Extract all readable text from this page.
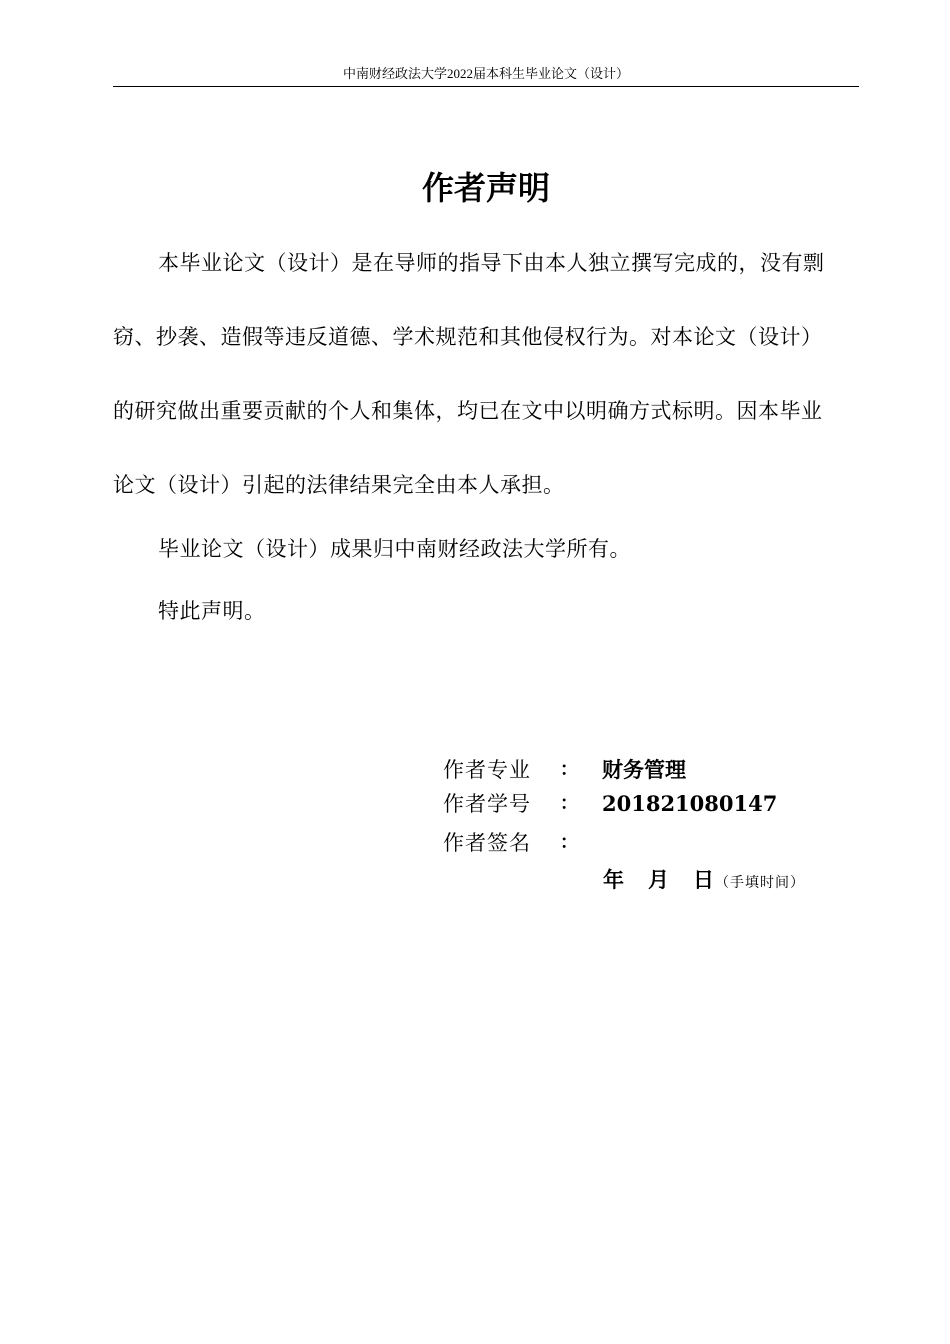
中南财经政法大学2022届本科生毕业论文（设计）
作者声明
本毕业论文（设计）是在导师的指导下由本人独立撰写完成的，没有剽
窃、抄袭、造假等违反道德、学术规范和其他侵权行为。对本论文（设计）
的研究做出重要贡献的个人和集体，均已在文中以明确方式标明。因本毕业
论文（设计）引起的法律结果完全由本人承担。
毕业论文（设计）成果归中南财经政法大学所有。
特此声明。
作者专业 ： 财务管理
作者学号 ： 201821080147
作者签名 ：
年 月 日（手填时间）
